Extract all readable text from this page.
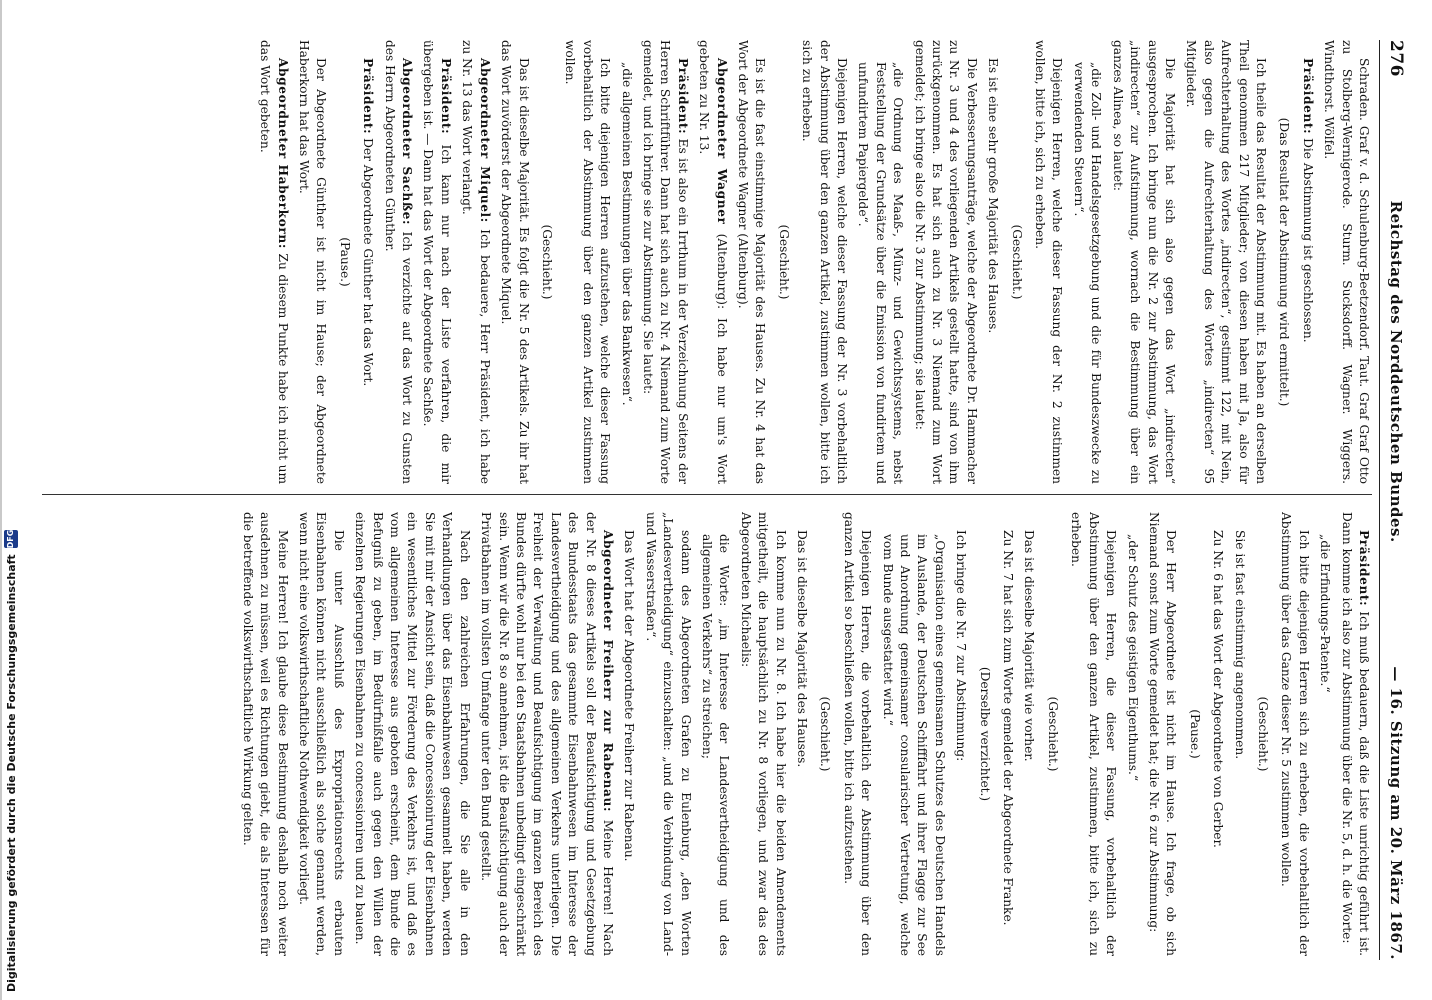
276
Reichstag des Norddeutschen Bundes.
— 16. Sitzung am 20. März 1867.

Schraden. Graf v. d. Schulenburg-Beetzendorf. Taut. Graf Graf Otto zu Stolberg-Wernigerode. Sturm. Sucksdorff. Wagner. Wiggers. Windthorst. Wölfel.

Präsident: Die Abstimmung ist geschlossen.

(Das Resultat der Abstimmung wird ermittelt.)

Ich theile das Resultat der Abstimmung mit. Es haben an derselben Theil genommen 217 Mitglieder; von diesen haben mit Ja, also für Aufrechterhaltung des Wortes „indirecten“, gestimmt 122, mit Nein, also gegen die Aufrechterhaltung des Wortes „indirecten“ 95 Mitglieder.

Die Majorität hat sich also gegen das Wort „indirecten“ ausgesprochen. Ich bringe nun die Nr. 2 zur Abstimmung, das Wort „indirecten“ zur Aufstimmung, wornach die Bestimmung über ein ganzes Alinea, so lautet:

„die Zoll- und Handelsgesetzgebung und die für Bundeszwecke zu verwendenden Steuern“.

Diejenigen Herren, welche dieser Fassung der Nr. 2 zustimmen wollen, bitte ich, sich zu erheben.

(Geschieht.)

Es ist eine sehr große Majorität des Hauses.

Die Verbesserungsanträge, welche der Abgeordnete Dr. Hammacher zu Nr. 3 und 4 des vorliegenden Artikels gestellt hatte, sind von ihm zurückgenommen. Es hat sich auch zu Nr. 3 Niemand zum Wort gemeldet; ich bringe also die Nr. 3 zur Abstimmung; sie lautet:

„die Ordnung des Maaß-, Münz- und Gewichtssystems, nebst Feststellung der Grundsätze über die Emission von fundirtem und unfundirtem Papiergelde“.

Diejenigen Herren, welche dieser Fassung der Nr. 3 vorbehaltlich der Abstimmung über den ganzen Artikel, zustimmen wollen, bitte ich sich zu erheben.

(Geschieht.)

Es ist die fast einstimmige Majorität des Hauses. Zu Nr. 4 hat das Wort der Abgeordnete Wagner (Altenburg).

Abgeordneter Wagner (Altenburg): Ich habe nur um's Wort gebeten zu Nr. 13.

Präsident: Es ist also ein Irrthum in der Verzeichnung Seitens der Herren Schriftführer. Dann hat sich auch zu Nr. 4 Niemand zum Worte gemeldet, und ich bringe sie zur Abstimmung. Sie lautet:

„die allgemeinen Bestimmungen über das Bankwesen“.

Ich bitte diejenigen Herren aufzustehen, welche dieser Fassung vorbehaltlich der Abstimmung über den ganzen Artikel zustimmen wollen.

(Geschieht.)

Das ist dieselbe Majorität. Es folgt die Nr. 5 des Artikels. Zu ihr hat das Wort zuvörderst der Abgeordnete Miquel.

Abgeordneter Miquel: Ich bedauere, Herr Präsident, ich habe zu Nr. 13 das Wort verlangt.

Präsident: Ich kann nur nach der Liste verfahren, die mir übergeben ist. — Dann hat das Wort der Abgeordnete Sachße.

Abgeordneter Sachße: Ich verzichte auf das Wort zu Gunsten des Herrn Abgeordneten Günther.

Präsident: Der Abgeordnete Günther hat das Wort.

(Pause.)

Der Abgeordnete Günther ist nicht im Hause; der Abgeordnete Haberkorn hat das Wort.

Abgeordneter Haberkorn: Zu diesem Punkte habe ich nicht um das Wort gebeten.

Präsident: Ich muß bedauern, daß die Liste unrichtig geführt ist. Dann komme ich also zur Abstimmung über die Nr. 5, d. h. die Worte:

„die Erfindungs-Patente.“

Ich bitte diejenigen Herren sich zu erheben, die vorbehaltlich der Abstimmung über das Ganze dieser Nr. 5 zustimmen wollen.

(Geschieht.)

Sie ist fast einstimmig angenommen.

Zu Nr. 6 hat das Wort der Abgeordnete von Gerber.

(Pause.)

Der Herr Abgeordnete ist nicht im Hause. Ich frage, ob sich Niemand sonst zum Worte gemeldet hat; die Nr. 6 zur Abstimmung:

„der Schutz des geistigen Eigenthums.“

Diejenigen Herren, die dieser Fassung, vorbehaltlich der Abstimmung über den ganzen Artikel, zustimmen, bitte ich, sich zu erheben.

(Geschieht.)

Das ist dieselbe Majorität wie vorher.

Zu Nr. 7 hat sich zum Worte gemeldet der Abgeordnete Franke.

(Derselbe verzichtet.)

Ich bringe die Nr. 7 zur Abstimmung:

„Organisation eines gemeinsamen Schutzes des Deutschen Handels im Auslande, der Deutschen Schifffahrt und ihrer Flagge zur See und Anordnung gemeinsamer consularischer Vertretung, welche vom Bunde ausgestattet wird.“

Diejenigen Herren, die vorbehaltlich der Abstimmung über den ganzen Artikel so beschließen wollen, bitte ich aufzustehen.

(Geschieht.)

Das ist dieselbe Majorität des Hauses.

Ich komme nun zu Nr. 8. Ich habe hier die beiden Amendements mitgetheilt, die hauptsächlich zu Nr. 8 vorliegen, und zwar das des Abgeordneten Michaelis:

die Worte: „im Interesse der Landesvertheidigung und des allgemeinen Verkehrs“ zu streichen;

sodann des Abgeordneten Grafen zu Eulenburg, „den Worten „Landesvertheidigung“ einzuschalten: „und die Verbindung von Land- und Wasserstraßen“.

Das Wort hat der Abgeordnete Freiherr zur Rabenau.

Abgeordneter Freiherr zur Rabenau: Meine Herren! Nach der Nr. 8 dieses Artikels soll der Beaufsichtigung und Gesetzgebung des Bundesstaats das gesammte Eisenbahnwesen im Interesse der Landesvertheidigung und des allgemeinen Verkehrs unterliegen. Die Freiheit der Verwaltung und Beaufsichtigung im ganzen Bereich des Bundes dürfte wohl nur bei den Staatsbahnen unbedingt eingeschränkt sein. Wenn wir die Nr. 8 so annehmen, ist die Beaufsichtigung auch der Privatbahnen im vollsten Umfange unter den Bund gestellt.

Nach den zahlreichen Erfahrungen, die Sie alle in den Verhandlungen über das Eisenbahnwesen gesammelt haben, werden Sie mit mir der Ansicht sein, daß die Concessionirung der Eisenbahnen ein wesentliches Mittel zur Förderung des Verkehrs ist, und daß es vom allgemeinen Interesse aus geboten erscheint, dem Bunde die Befugniß zu geben, im Bedürfnißfalle auch gegen den Willen der einzelnen Regierungen Eisenbahnen zu concessioniren und zu bauen.

Die unter Ausschluß des Expropriationsrechts erbauten Eisenbahnen können nicht ausschließlich als solche genannt werden, wenn nicht eine volkswirthschaftliche Nothwendigkeit vorliegt.

Meine Herren! Ich glaube diese Bestimmung deshalb noch weiter ausdehnen zu müssen, weil es Richtungen giebt, die als Interessen für die betreffende volkswirthschaftliche Wirkung gelten.

Digitalisierung gefördert durch die Deutsche Forschungsgemeinschaft
DFG
